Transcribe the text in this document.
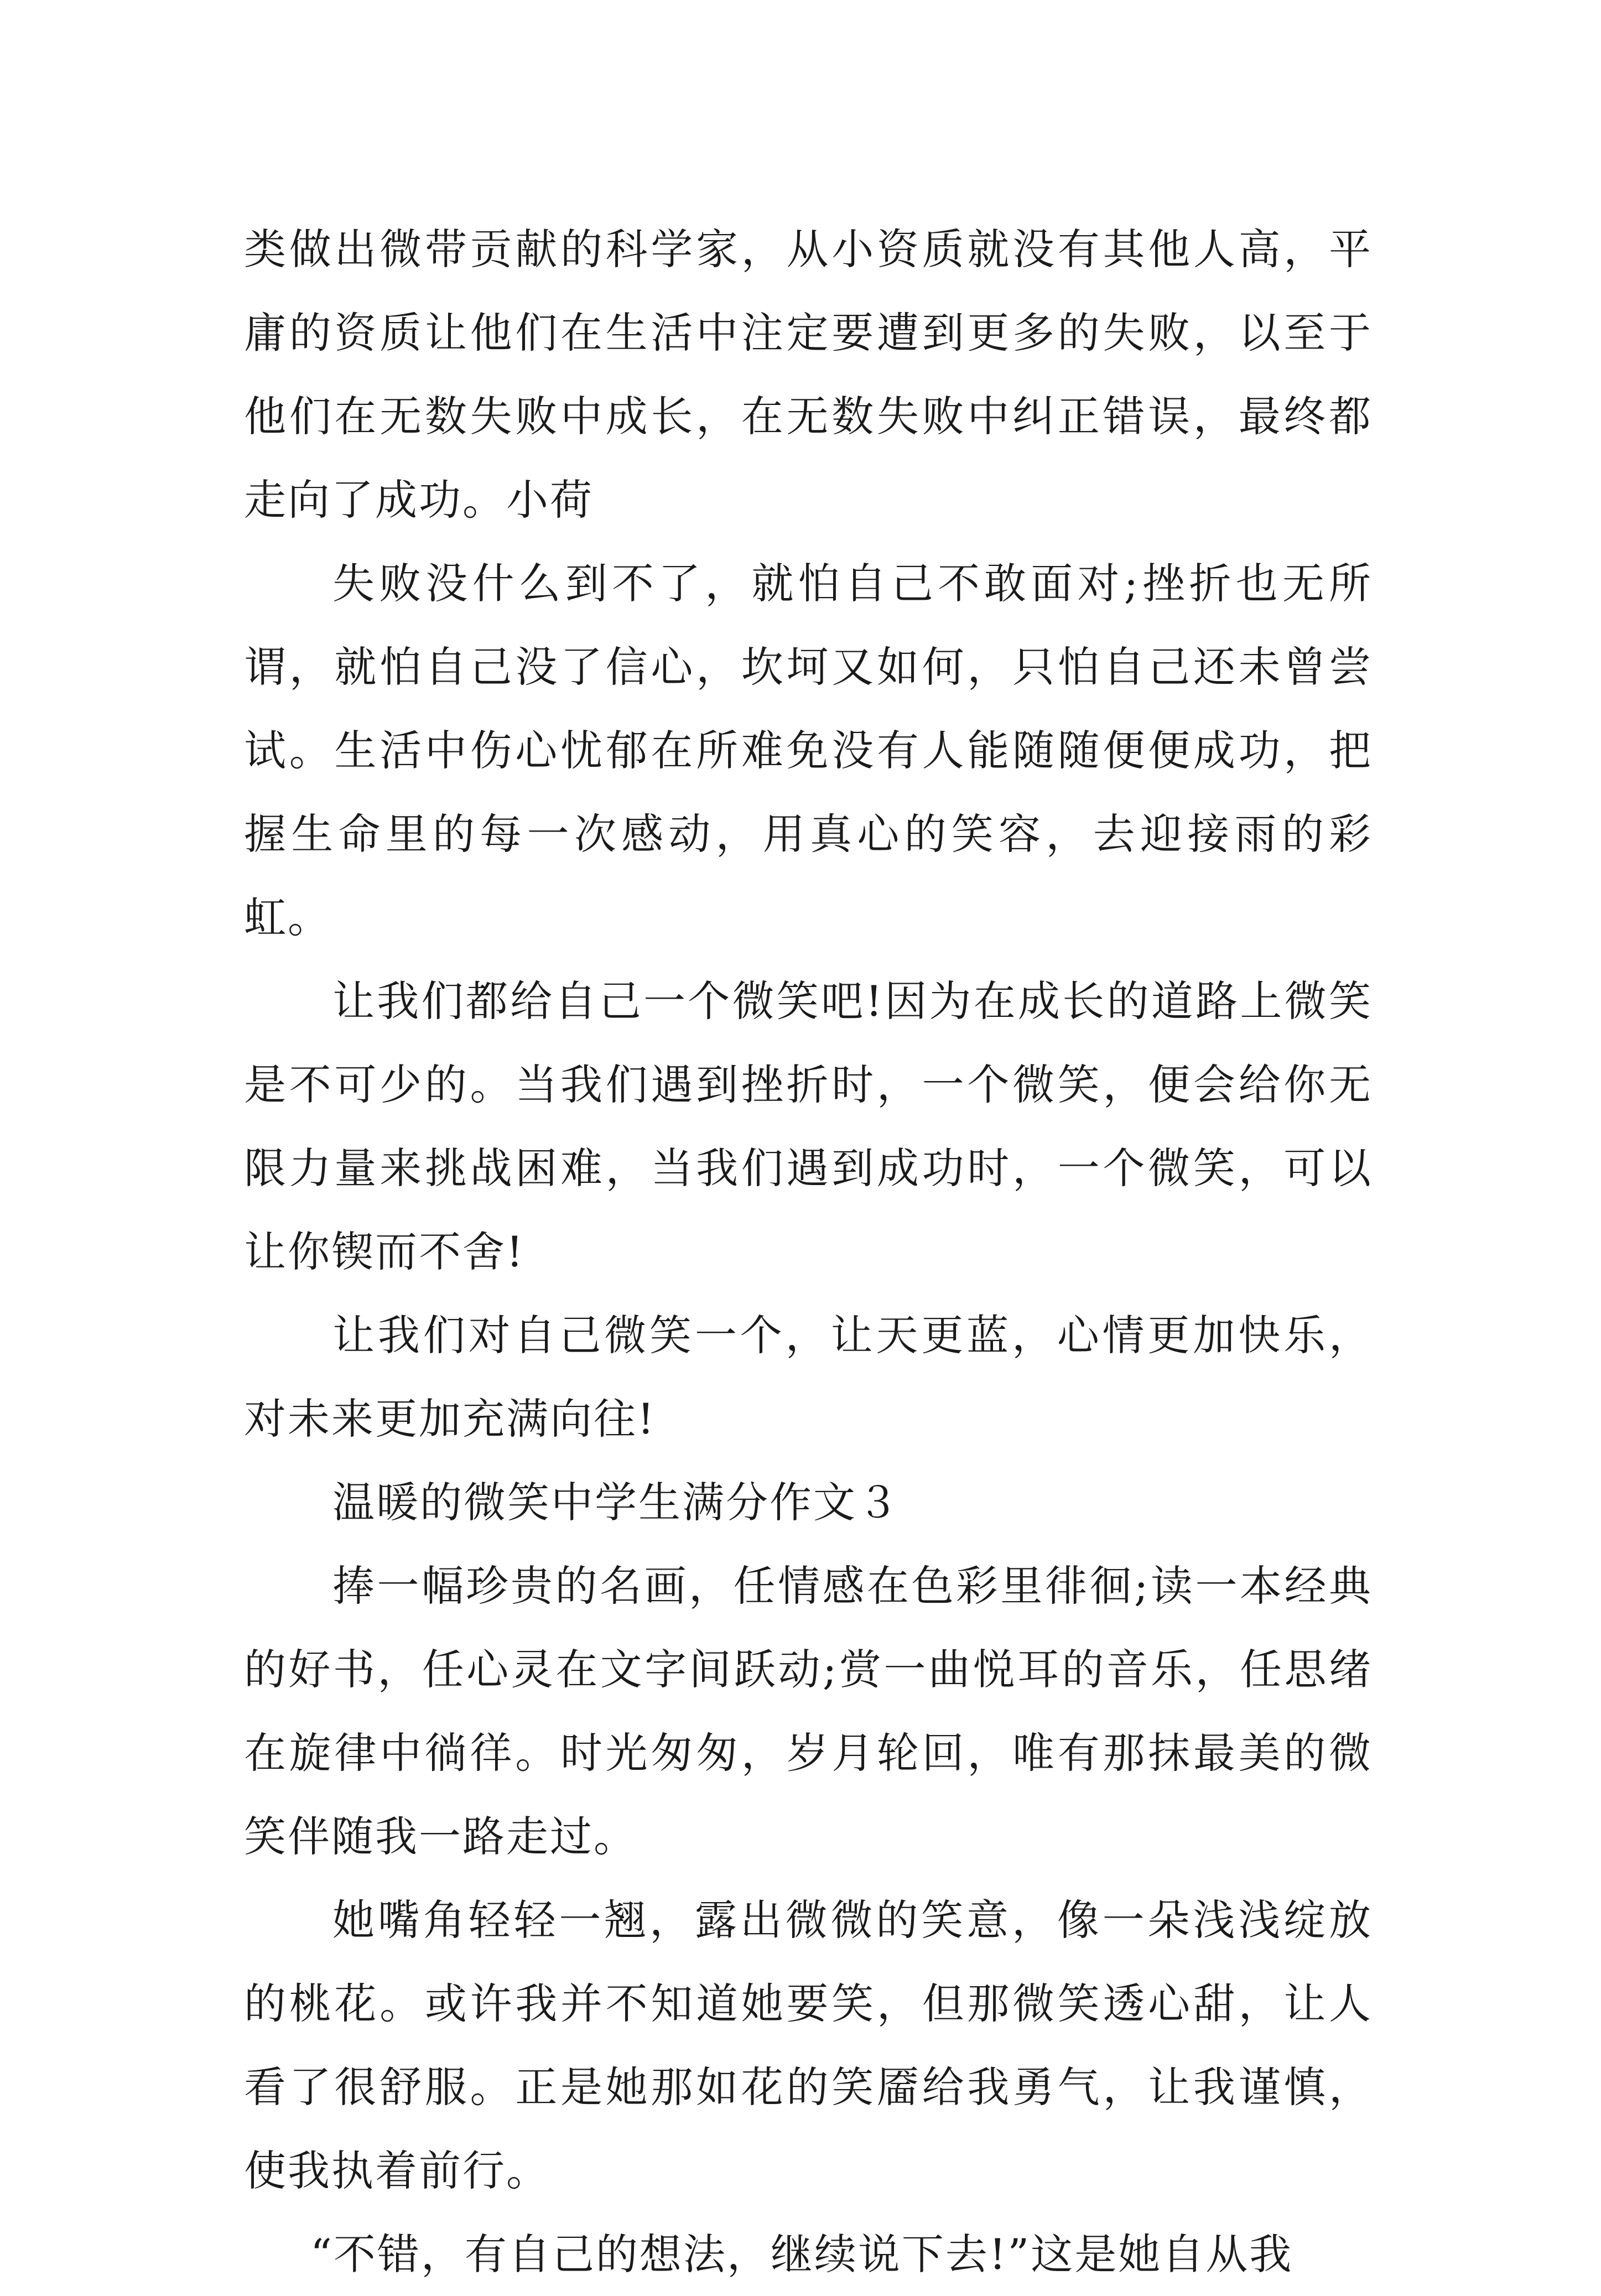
类做出微带贡献的科学家，从小资质就没有其他人高，平庸的资质让他们在生活中注定要遭到更多的失败，以至于他们在无数失败中成长，在无数失败中纠正错误，最终都走向了成功。小荷

失败没什么到不了，就怕自己不敢面对;挫折也无所谓，就怕自己没了信心，坎坷又如何，只怕自己还未曾尝试。生活中伤心忧郁在所难免没有人能随随便便成功，把握生命里的每一次感动，用真心的笑容，去迎接雨的彩虹。

让我们都给自己一个微笑吧!因为在成长的道路上微笑是不可少的。当我们遇到挫折时，一个微笑，便会给你无限力量来挑战困难，当我们遇到成功时，一个微笑，可以让你锲而不舍!

让我们对自己微笑一个，让天更蓝，心情更加快乐，对未来更加充满向往!

温暖的微笑中学生满分作文３

捧一幅珍贵的名画，任情感在色彩里徘徊;读一本经典的好书，任心灵在文字间跃动;赏一曲悦耳的音乐，任思绪在旋律中徜徉。时光匆匆，岁月轮回，唯有那抹最美的微笑伴随我一路走过。

她嘴角轻轻一翘，露出微微的笑意，像一朵浅浅绽放的桃花。或许我并不知道她要笑，但那微笑透心甜，让人看了很舒服。正是她那如花的笑靥给我勇气，让我谨慎，使我执着前行。

“不错，有自己的想法，继续说下去!”这是她自从我
